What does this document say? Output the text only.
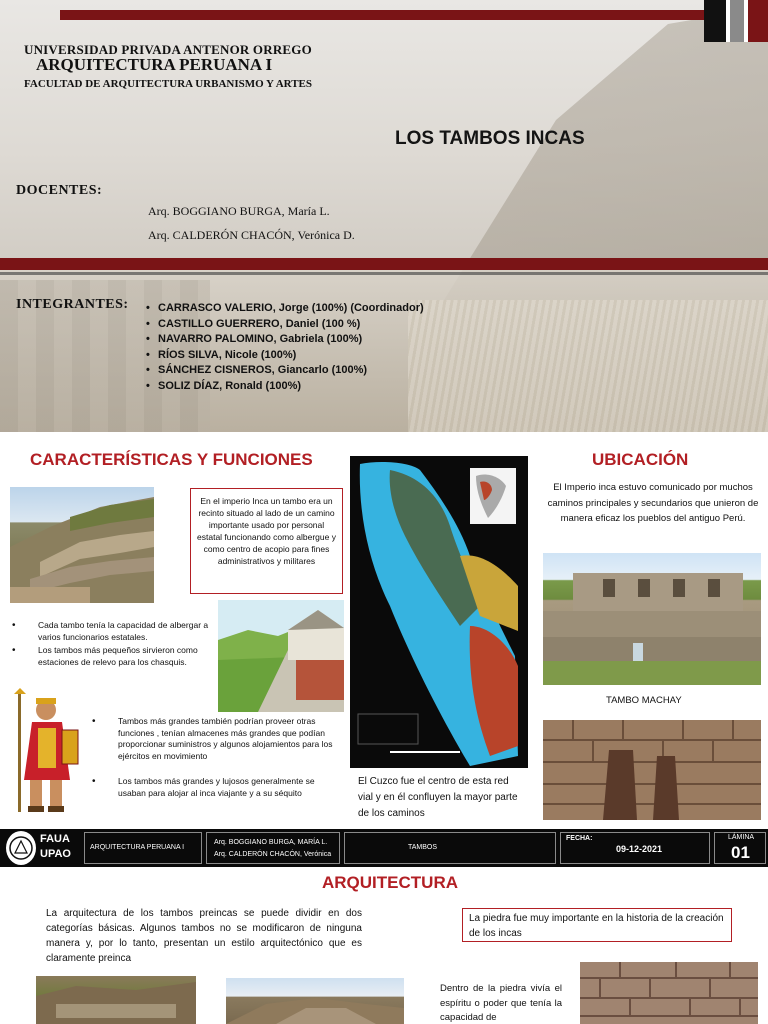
UNIVERSIDAD PRIVADA ANTENOR ORREGO
ARQUITECTURA PERUANA I
FACULTAD DE ARQUITECTURA URBANISMO Y ARTES
LOS TAMBOS INCAS
DOCENTES:
Arq. BOGGIANO BURGA, María L.
Arq. CALDERÓN CHACÓN, Verónica D.
INTEGRANTES:
•	CARRASCO VALERIO, Jorge (100%) (Coordinador)
• CASTILLO GUERRERO, Daniel (100 %)
• NAVARRO PALOMINO, Gabriela (100%)
• RÍOS SILVA, Nicole (100%)
• SÁNCHEZ CISNEROS, Giancarlo (100%)
• SOLIZ DÍAZ, Ronald (100%)
CARACTERÍSTICAS Y FUNCIONES
En el imperio Inca un tambo era un recinto situado al lado de un camino importante usado por personal estatal funcionando como albergue y como centro de acopio para fines administrativos y militares
• Cada tambo tenía la capacidad de albergar a varios funcionarios estatales.
• Los tambos más pequeños sirvieron como estaciones de relevo para los chasquis.
• Tambos más grandes también podrían proveer otras funciones , tenían almacenes más grandes que podían proporcionar suministros y algunos alojamientos para los ejércitos en movimiento
• Los tambos más grandes y lujosos generalmente se usaban para alojar al inca viajante y a su séquito
El Cuzco fue el centro de esta red vial y en él confluyen la mayor parte de los caminos
UBICACIÓN
El Imperio inca estuvo comunicado por muchos caminos principales y secundarios que unieron de manera eficaz los pueblos del antiguo Perú.
TAMBO MACHAY
FAUA
UPAO
ARQUITECTURA PERUANA I
Arq. BOGGIANO BURGA, MARÍA L.
Arq. CALDERÓN CHACÓN, Verónica
TAMBOS
FECHA:
09-12-2021
LÁMINA
01
ARQUITECTURA
La arquitectura de los tambos preincas se puede dividir en dos categorías básicas. Algunos tambos no se modificaron de ninguna manera y, por lo tanto, presentan un estilo arquitectónico que es claramente preinca
La piedra fue muy importante en la historia de la creación de los incas
Dentro de la piedra vivía el espíritu o poder que tenía la capacidad de
